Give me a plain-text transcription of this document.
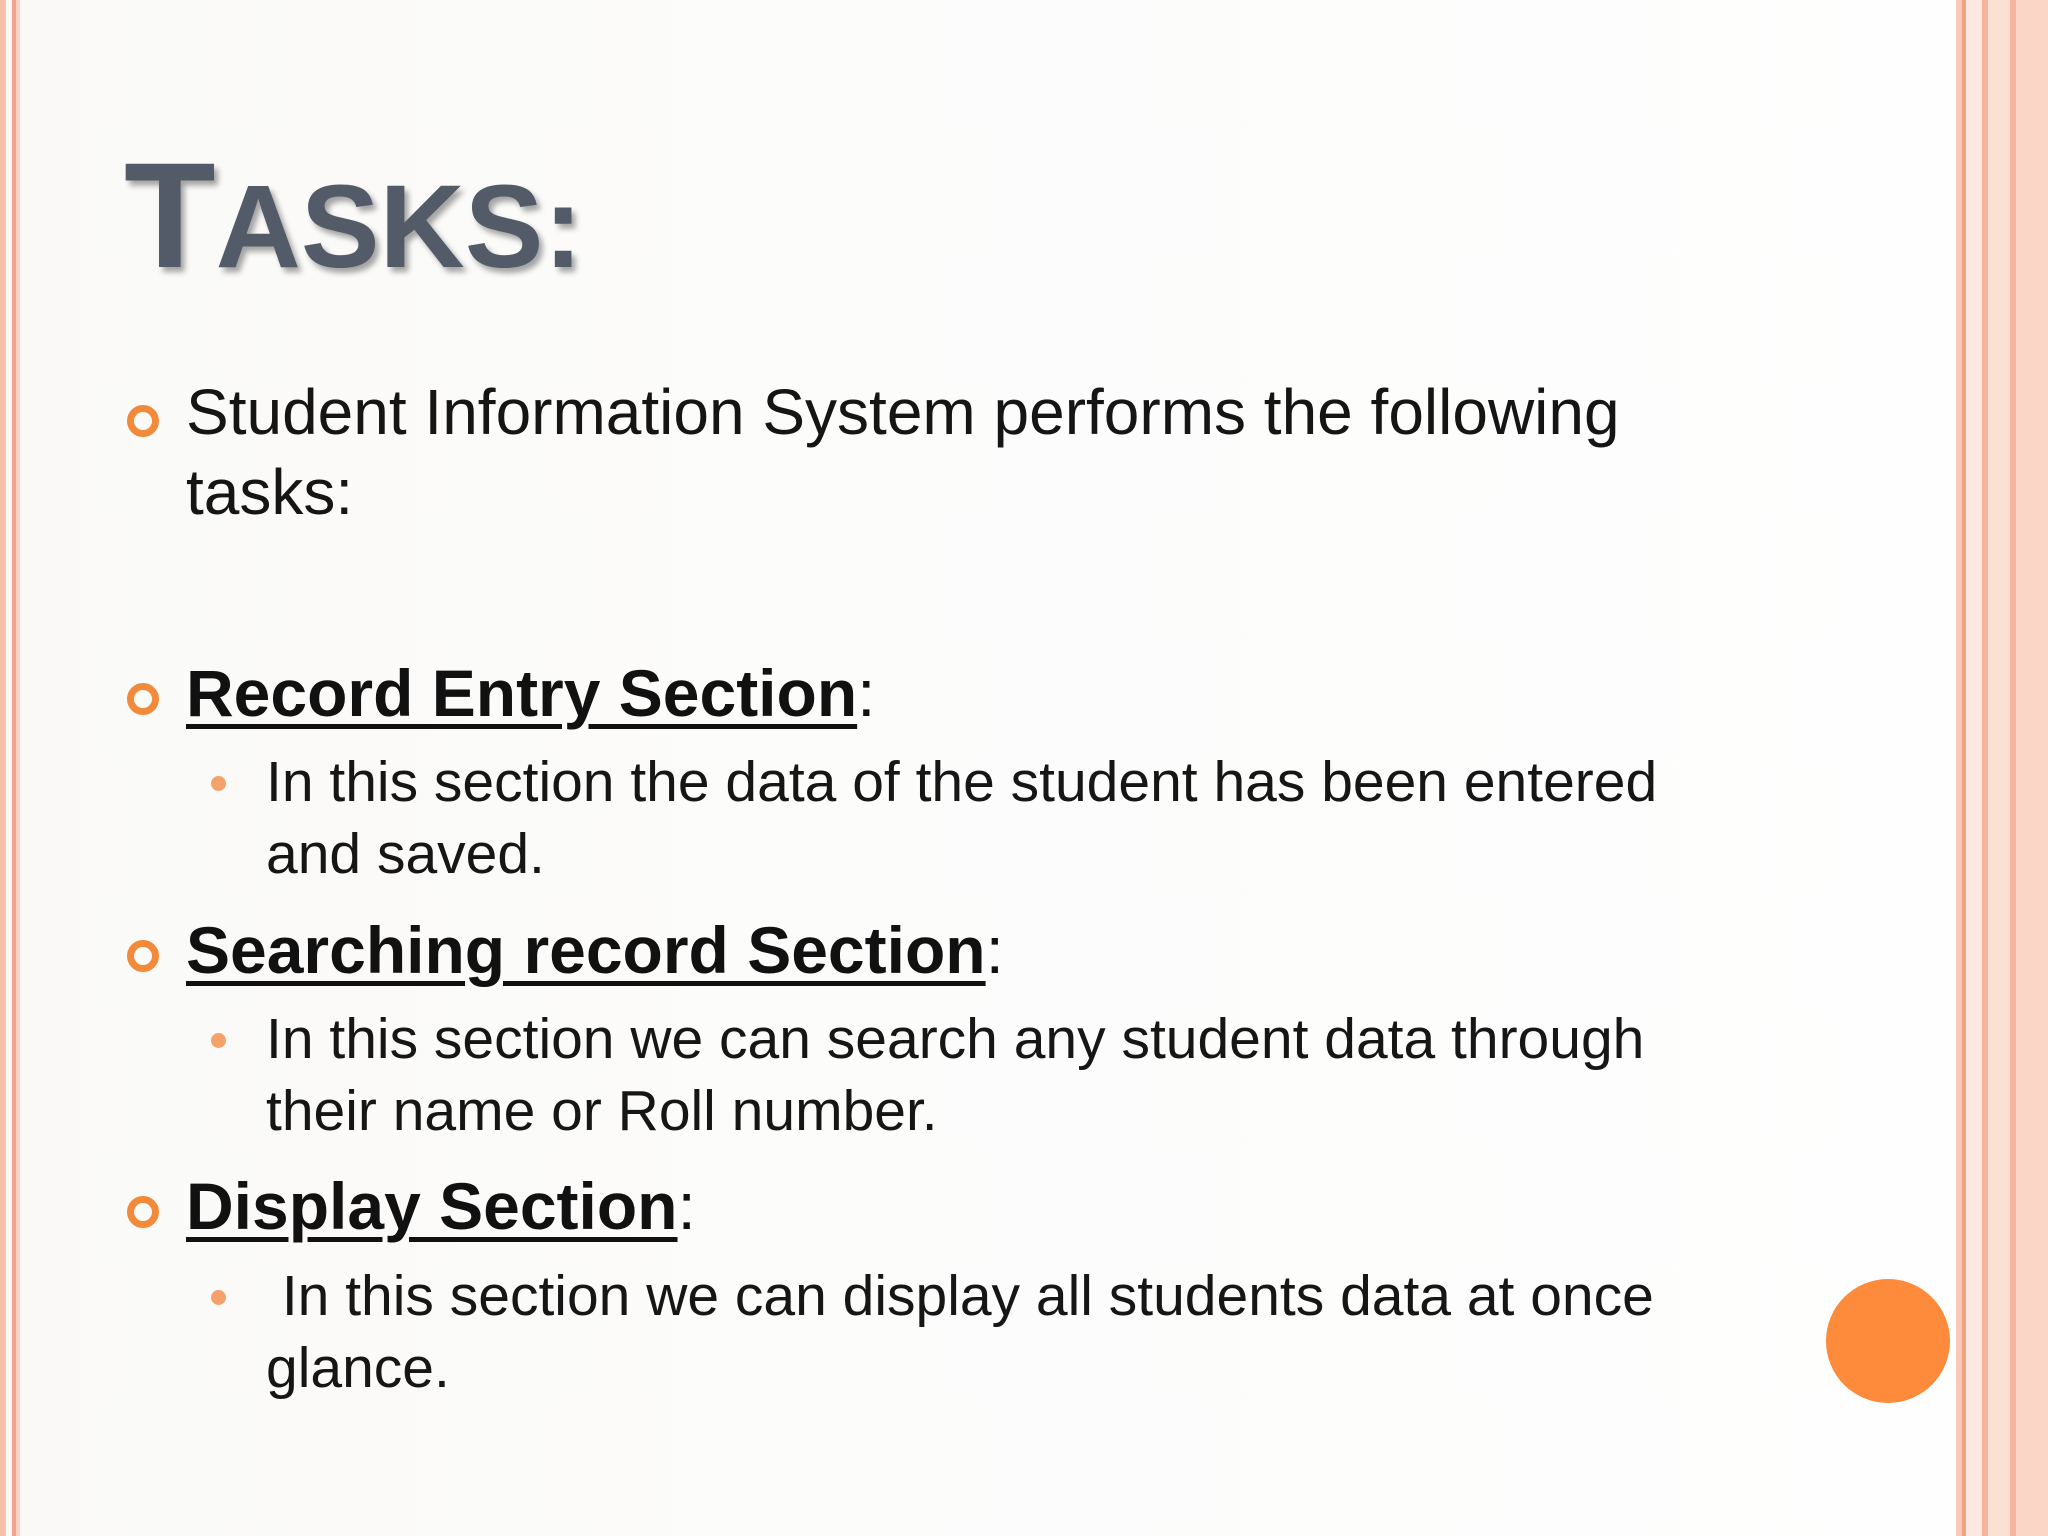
TASKS:
Student Information System performs the following tasks:
Record Entry Section:
In this section the data of the student has been entered and saved.
Searching record Section:
In this section we can search any student data through their name or Roll number.
Display Section:
In this section we can display all students data at once glance.
